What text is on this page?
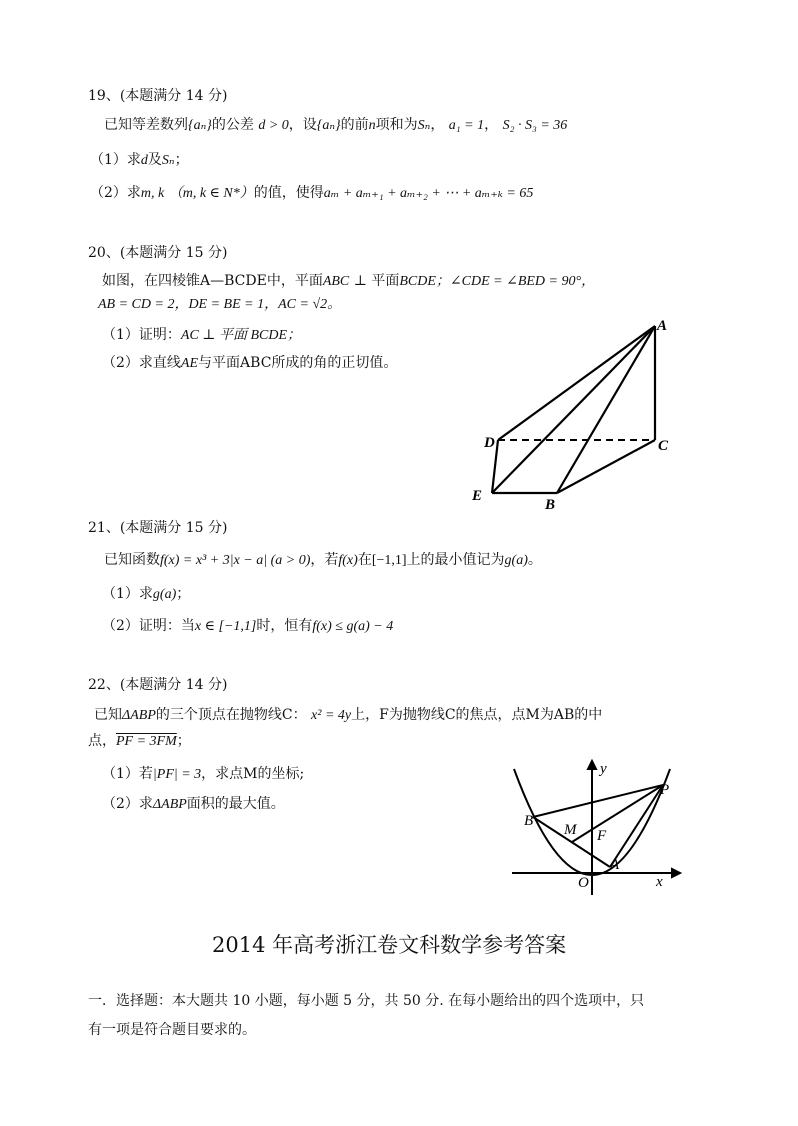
19、(本题满分 14 分)
已知等差数列{aₙ}的公差 d > 0，设{aₙ}的前n项和为Sₙ， a₁ = 1， S₂ · S₃ = 36
（1）求d及Sₙ；
（2）求m, k （m, k ∈ N*）的值，使得aₘ + aₘ₊₁ + aₘ₊₂ + ⋯ + aₘ₊ₖ = 65
20、(本题满分 15 分)
如图，在四棱锥A—BCDE中，平面ABC ⊥ 平面BCDE；∠CDE = ∠BED = 90°，
AB = CD = 2，DE = BE = 1，AC = √2。
（1）证明：AC ⊥ 平面 BCDE；
（2）求直线AE与平面ABC所成的角的正切值。
A
B
C
D
E
21、(本题满分 15 分)
已知函数f(x) = x³ + 3|x − a| (a > 0)，若f(x)在[−1,1]上的最小值记为g(a)。
（1）求g(a)；
（2）证明：当x ∈ [−1,1]时，恒有f(x) ≤ g(a) − 4
22、(本题满分 14 分)
已知ΔABP的三个顶点在抛物线C： x² = 4y上，F为抛物线C的焦点，点M为AB的中
点，PF = 3FM；
（1）若|PF| = 3，求点M的坐标;
（2）求ΔABP面积的最大值。
y
P
B
M F
A
O	x
2014 年高考浙江卷文科数学参考答案
一．选择题：本大题共 10 小题，每小题 5 分，共 50 分. 在每小题给出的四个选项中，只
有一项是符合题目要求的。
